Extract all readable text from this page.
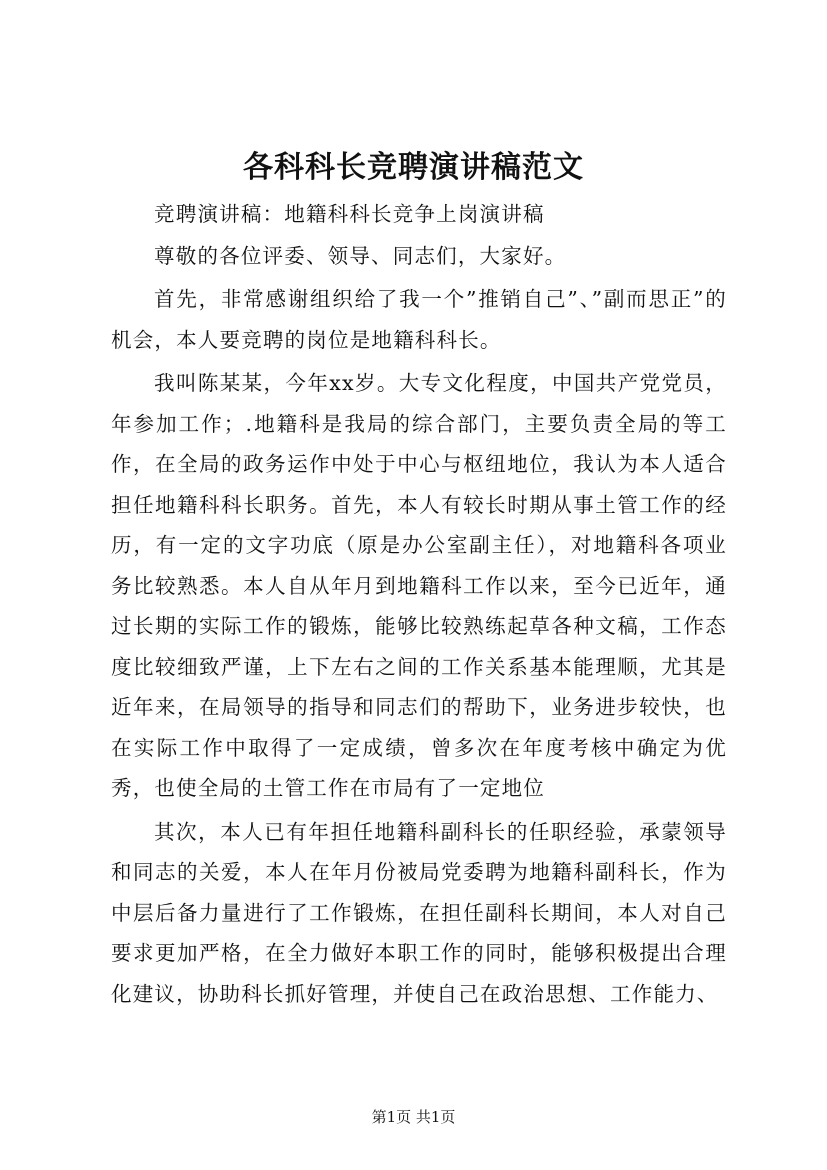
各科科长竞聘演讲稿范文

竞聘演讲稿：地籍科科长竞争上岗演讲稿

尊敬的各位评委、领导、同志们，大家好。

首先，非常感谢组织给了我一个”推销自己”、”副而思正”的机会，本人要竞聘的岗位是地籍科科长。

我叫陈某某，今年xx岁。大专文化程度，中国共产党党员，年参加工作；.地籍科是我局的综合部门，主要负责全局的等工作，在全局的政务运作中处于中心与枢纽地位，我认为本人适合担任地籍科科长职务。首先，本人有较长时期从事土管工作的经历，有一定的文字功底（原是办公室副主任），对地籍科各项业务比较熟悉。本人自从年月到地籍科工作以来，至今已近年，通过长期的实际工作的锻炼，能够比较熟练起草各种文稿，工作态度比较细致严谨，上下左右之间的工作关系基本能理顺，尤其是近年来，在局领导的指导和同志们的帮助下，业务进步较快，也在实际工作中取得了一定成绩，曾多次在年度考核中确定为优秀，也使全局的土管工作在市局有了一定地位

其次，本人已有年担任地籍科副科长的任职经验，承蒙领导和同志的关爱，本人在年月份被局党委聘为地籍科副科长，作为中层后备力量进行了工作锻炼，在担任副科长期间，本人对自己要求更加严格，在全力做好本职工作的同时，能够积极提出合理化建议，协助科长抓好管理，并使自己在政治思想、工作能力、

第1页 共1页
